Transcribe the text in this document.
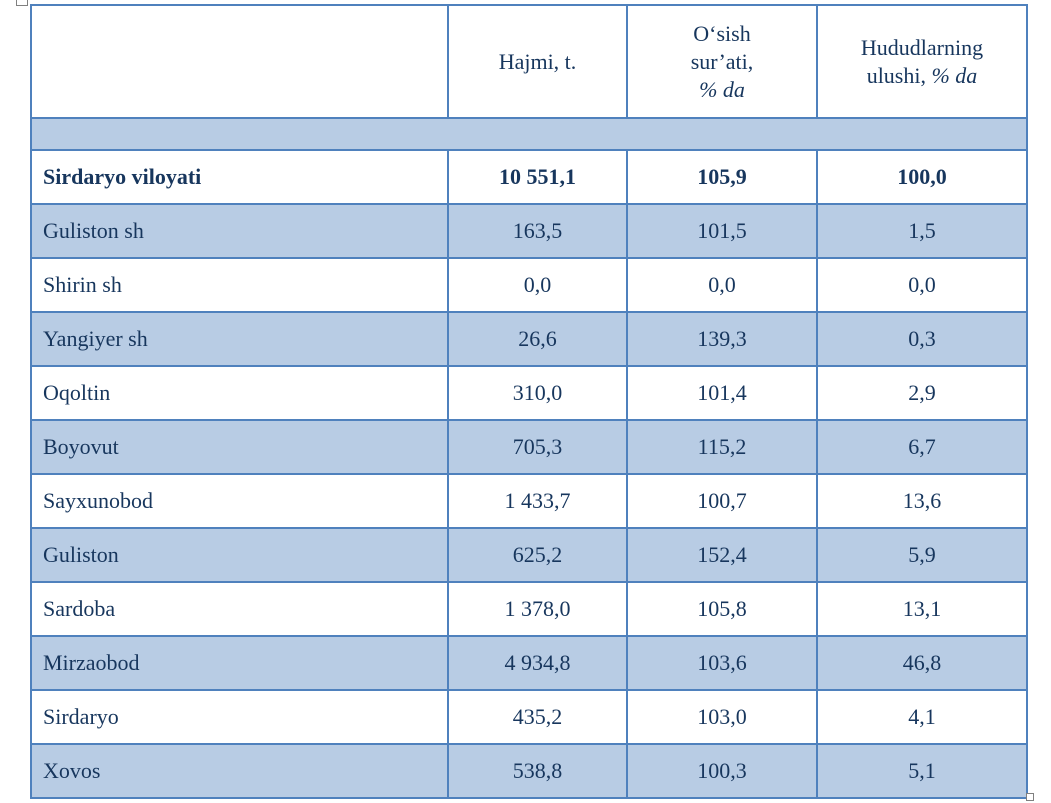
	Hajmi, t.	O‘sish
sur’ati,
% da	Hududlarning
ulushi, % da

Sirdaryo viloyati	10 551,1	105,9	100,0
Guliston sh	163,5	101,5	1,5
Shirin sh	0,0	0,0	0,0
Yangiyer sh	26,6	139,3	0,3
Oqoltin	310,0	101,4	2,9
Boyovut	705,3	115,2	6,7
Sayxunobod	1 433,7	100,7	13,6
Guliston	625,2	152,4	5,9
Sardoba	1 378,0	105,8	13,1
Mirzaobod	4 934,8	103,6	46,8
Sirdaryo	435,2	103,0	4,1
Xovos	538,8	100,3	5,1
